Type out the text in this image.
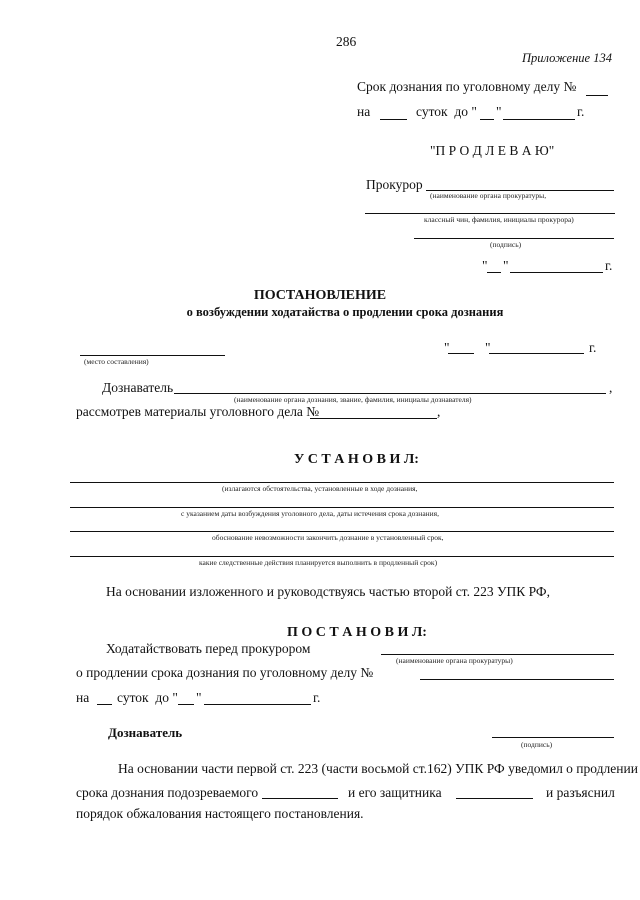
286
Приложение 134
Срок дознания по уголовному делу №
на	суток  до " "	г.
"П Р О Д Л Е В А Ю"
Прокурор
(наименование органа прокуратуры,
классный чин, фамилия, инициалы прокурора)
(подпись)
" "	г.
ПОСТАНОВЛЕНИЕ
о возбуждении ходатайства о продлении срока дознания
(место составления)
"	"	г.
Дознаватель	,
(наименование органа дознания, звание, фамилия, инициалы дознавателя)
рассмотрев материалы уголовного дела №	,
У С Т А Н О В И Л:
(излагаются обстоятельства, установленные в ходе дознания,
с указанием даты возбуждения уголовного дела, даты истечения срока дознания,
обоснование невозможности закончить дознание в установленный срок,
какие следственные действия планируется выполнить в продленный срок)
На основании изложенного и руководствуясь частью второй ст. 223 УПК РФ,
П О С Т А Н О В И Л:
Ходатайствовать перед прокурором
(наименование органа прокуратуры)
о продлении срока дознания по уголовному делу №
на суток  до " "	г.
Дознаватель
(подпись)
На основании части первой ст. 223 (части восьмой ст.162) УПК РФ уведомил о продлении
срока дознания подозреваемого	и его защитника	и разъяснил
порядок обжалования настоящего постановления.
